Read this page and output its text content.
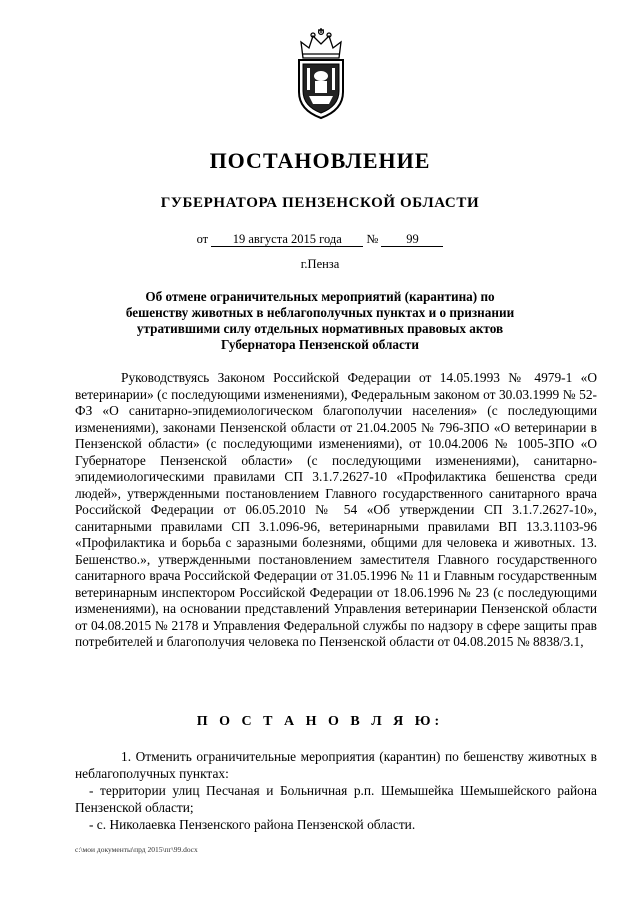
ПОСТАНОВЛЕНИЕ
ГУБЕРНАТОРА ПЕНЗЕНСКОЙ ОБЛАСТИ
от 19 августа 2015 года № 99
г.Пенза
Об отмене ограничительных мероприятий (карантина) по бешенству животных в неблагополучных пунктах и о признании утратившими силу отдельных нормативных правовых актов Губернатора Пензенской области

Руководствуясь Законом Российской Федерации от 14.05.1993 № 4979-1 «О ветеринарии» (с последующими изменениями), Федеральным законом от 30.03.1999 № 52-ФЗ «О санитарно-эпидемиологическом благополучии населения» (с последующими изменениями), законами Пензенской области от 21.04.2005 № 796-ЗПО «О ветеринарии в Пензенской области» (с последующими изменениями), от 10.04.2006 № 1005-ЗПО «О Губернаторе Пензенской области» (с последующими изменениями), санитарно-эпидемиологическими правилами СП 3.1.7.2627-10 «Профилактика бешенства среди людей», утвержденными постановлением Главного государственного санитарного врача Российской Федерации от 06.05.2010 № 54 «Об утверждении СП 3.1.7.2627-10», санитарными правилами СП 3.1.096-96, ветеринарными правилами ВП 13.3.1103-96 «Профилактика и борьба с заразными болезнями, общими для человека и животных. 13. Бешенство.», утвержденными постановлением заместителя Главного государственного санитарного врача Российской Федерации от 31.05.1996 № 11 и Главным государственным ветеринарным инспектором Российской Федерации от 18.06.1996 № 23 (с последующими изменениями), на основании представлений Управления ветеринарии Пензенской области от 04.08.2015 № 2178 и Управления Федеральной службы по надзору в сфере защиты прав потребителей и благополучия человека по Пензенской области от 04.08.2015 № 8838/3.1,

П О С Т А Н О В Л Я Ю:

1. Отменить ограничительные мероприятия (карантин) по бешенству животных в неблагополучных пунктах:

- территории улиц Песчаная и Больничная р.п. Шемышейка Шемышейского района Пензенской области;

- с. Николаевка Пензенского района Пензенской области.

c:\мои документы\прд 2015\пг\99.docx
